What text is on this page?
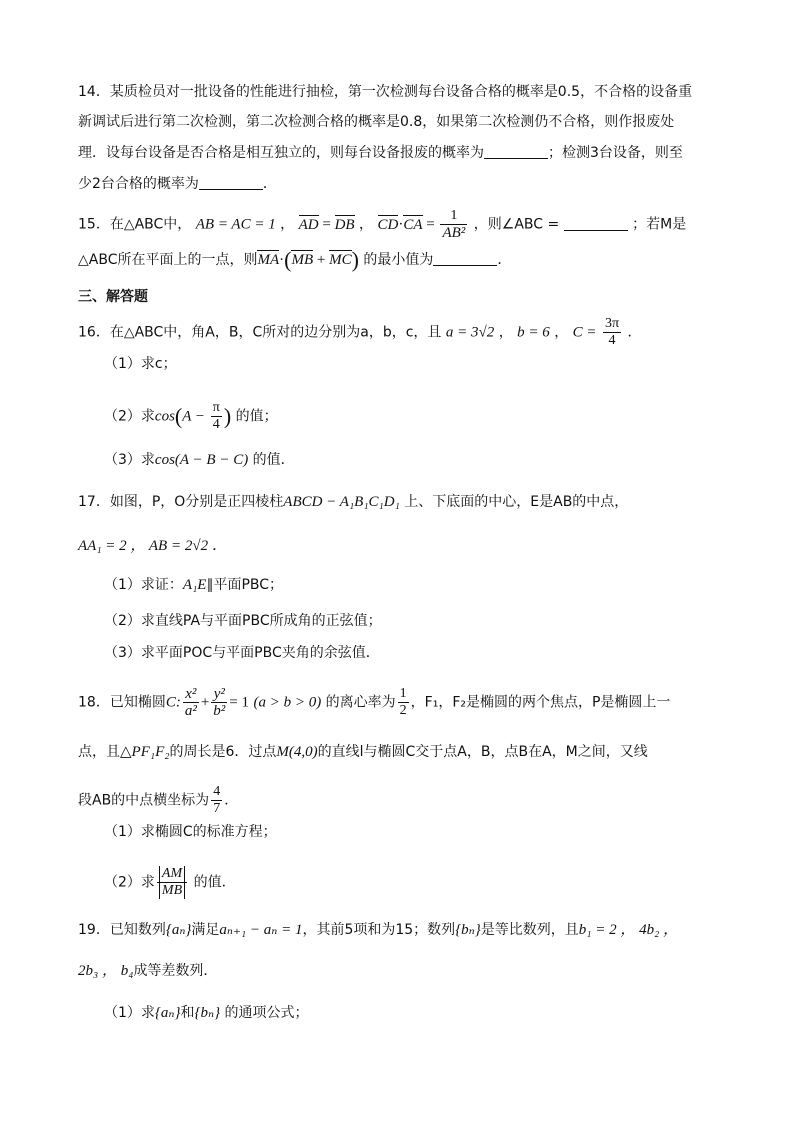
14．某质检员对一批设备的性能进行抽检，第一次检测每台设备合格的概率是0.5，不合格的设备重
新调试后进行第二次检测，第二次检测合格的概率是0.8，如果第二次检测仍不合格，则作报废处
理．设每台设备是否合格是相互独立的，则每台设备报废的概率为	；检测3台设备，则至
少2台合格的概率为	．
15．在△ABC中， AB = AC = 1 ， AD = DB ， $CD\cdot CA = \frac{1}{\text{AB²}}$ ，则∠ABC =	；若M是
△ABC所在平面上的一点，则MA·(MB + MC) 的最小值为	．
三、解答题
16．在△ABC中，角A，B，C所对的边分别为a，b，c，且 a = 3√2 ， b = 6 ， $C = \frac{3\pi}{4}$ ．
（1）求c；
（2）求$\cos(A - \frac{\pi}{4}$ ) 的值；
（3）求cos(A − B − C) 的值．
17．如图，P，O分别是正四棱柱ABCD − A₁B₁C₁D₁ 上、下底面的中心，E是AB的中点，
AA₁ = 2 ， AB = 2√2 ．
（1）求证：A₁E∥平面PBC；
（2）求直线PA与平面PBC所成角的正弦值；
（3）求平面POC与平面PBC夹角的余弦值．
18．已知椭圆C: $\frac{\text{x²}}{\text{a²}} + \frac{\text{y²}}{\text{b²}} = 1$ (a > b > 0) 的离心率为 $\frac{1}{2}$ ，F₁，F₂是椭圆的两个焦点，P是椭圆上一
点，且△PF₁F₂的周长是6．过点M(4,0)的直线l与椭圆C交于点A，B，点B在A，M之间，又线
段AB的中点横坐标为 $\frac{4}{7}$ ．
（1）求椭圆C的标准方程；
（2）求 $\frac{AM}{MB}$ 的值．
19．已知数列{aₙ}满足aₙ₊₁ − aₙ = 1，其前5项和为15；数列{bₙ}是等比数列，且b₁ = 2 ， 4b₂ ，
2b₃ ， b₄成等差数列．
（1）求{aₙ}和{bₙ} 的通项公式；
